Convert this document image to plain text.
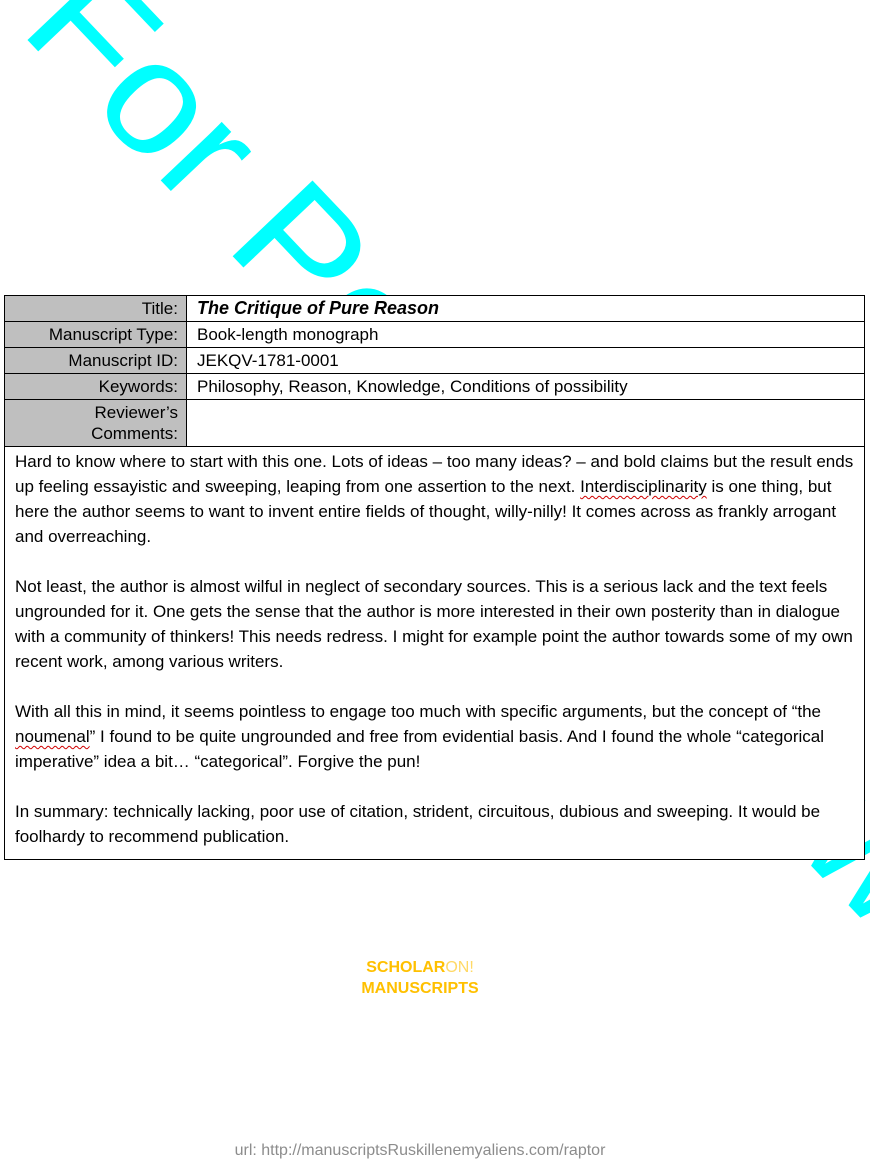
Title:	The Critique of Pure Reason
Manuscript Type:	Book-length monograph
Manuscript ID:	JEKQV-1781-0001
Keywords:	Philosophy, Reason, Knowledge, Conditions of possibility

Reviewer’s
Comments:	

Hard to know where to start with this one. Lots of ideas – too many ideas? – and bold claims but the result ends up feeling essayistic and sweeping, leaping from one assertion to the next. Interdisciplinarity is one thing, but here the author seems to want to invent entire fields of thought, willy-nilly! It comes across as frankly arrogant and overreaching.

Not least, the author is almost wilful in neglect of secondary sources. This is a serious lack and the text feels ungrounded for it. One gets the sense that the author is more interested in their own posterity than in dialogue with a community of thinkers! This needs redress. I might for example point the author towards some of my own recent work, among various writers.

With all this in mind, it seems pointless to engage too much with specific arguments, but the concept of “the noumenal” I found to be quite ungrounded and free from evidential basis. And I found the whole “categorical imperative” idea a bit… “categorical”. Forgive the pun!

In summary: technically lacking, poor use of citation, strident, circuitous, dubious and sweeping. It would be foolhardy to recommend publication.	

SCHOLARON!
MANUSCRIPTS
url: http://manuscriptsRuskillenemyaliens.com/raptor
